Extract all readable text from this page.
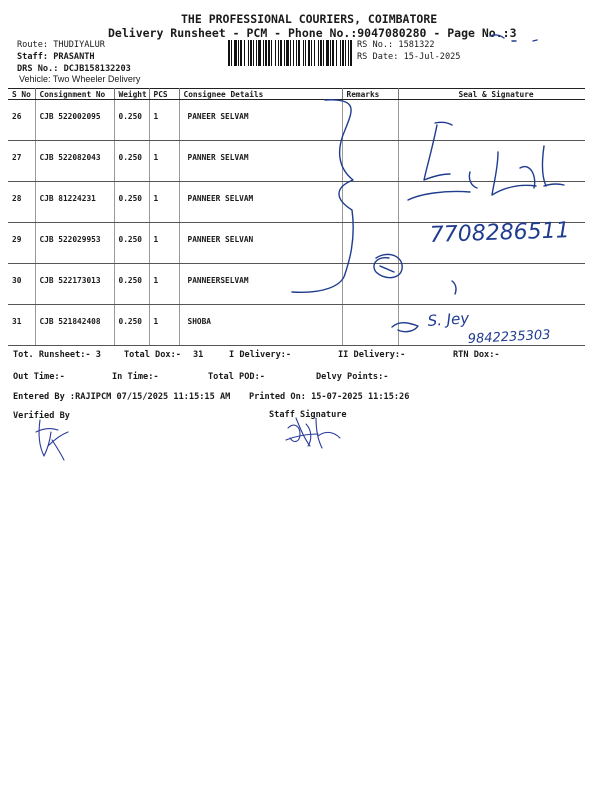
THE PROFESSIONAL COURIERS, COIMBATORE
Delivery Runsheet - PCM - Phone No.:9047080280 - Page No.:3
Route: THUDIYALUR
Staff: PRASANTH
DRS No.: DCJB158132203
Vehicle: Two Wheeler Delivery
RS No.: 1581322
RS Date: 15-Jul-2025
S No	Consignment No	Weight	PCS	Consignee Details	Remarks	Seal & Signature
26	CJB 522002095	0.250	1	PANEER SELVAM		
27	CJB 522082043	0.250	1	PANNER SELVAM		
28	CJB 81224231	0.250	1	PANNEER SELVAM		
29	CJB 522029953	0.250	1	PANNEER SELVAN		
30	CJB 522173013	0.250	1	PANNEERSELVAM		
31	CJB 521842408	0.250	1	SHOBA		
Tot. Runsheet:- 3	Total Dox:- 31	I Delivery:-	II Delivery:-	RTN Dox:-
Out Time:-	In Time:-	Total POD:-	Delvy Points:-
Entered By :RAJIPCM 07/15/2025 11:15:15 AM Printed On: 15-07-2025 11:15:26
Verified By	Staff Signature
7708286511
S. Jey
9842235303
